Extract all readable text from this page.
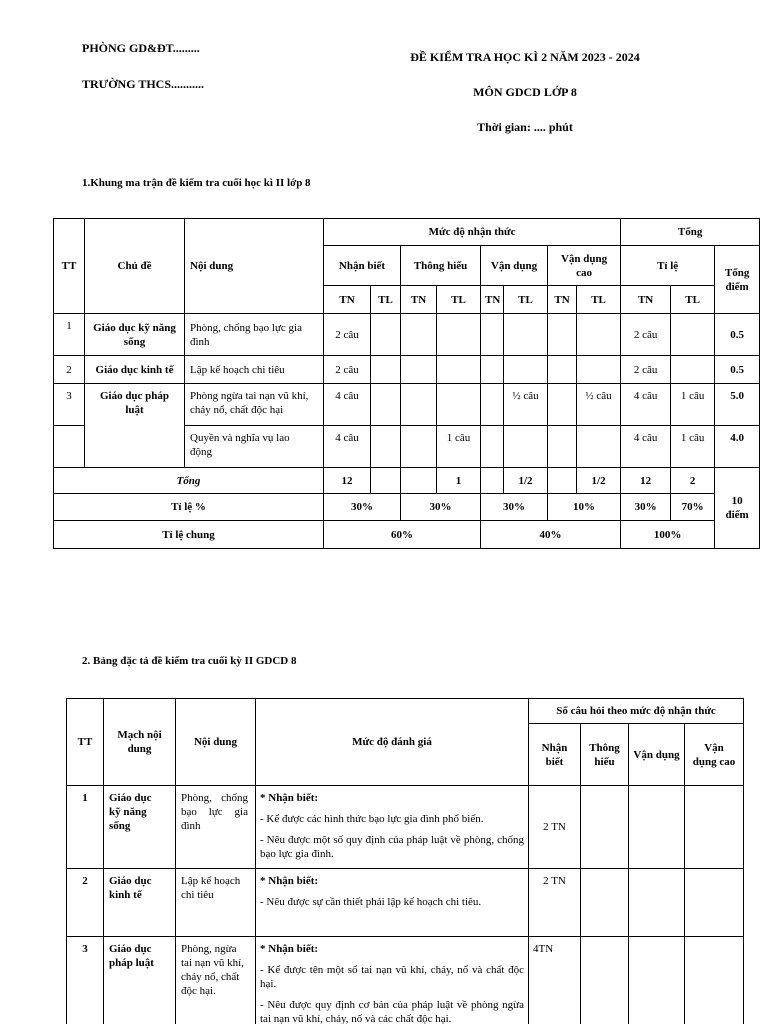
PHÒNG GD&ĐT.........
TRƯỜNG THCS...........
ĐỀ KIỂM TRA HỌC KÌ 2 NĂM 2023 - 2024
MÔN GDCD LỚP 8
Thời gian: .... phút
1.Khung ma trận đề kiểm tra cuối học kì II lớp 8
TT	Chủ đề	Nội dung	Mức độ nhận thức								Tổng		
			Nhận biết		Thông hiểu		Vận dụng		Vận dụng cao		Tỉ lệ		Tổng điểm
			TN	TL	TN	TL	TN	TL	TN	TL	TN	TL	
1	Giáo dục kỹ năng sống	Phòng, chống bạo lực gia đình	2 câu								2 câu		0.5
2	Giáo dục kinh tế	Lập kế hoạch chi tiêu	2 câu								2 câu		0.5
3	Giáo dục pháp luật	Phòng ngừa tai nạn vũ khí, cháy nổ, chất độc hại	4 câu					½ câu		½ câu	4 câu	1 câu	5.0
		Quyền và nghĩa vụ lao động	4 câu			1 câu					4 câu	1 câu	4.0
Tổng			12			1		1/2		1/2	12	2	10 điểm
Tỉ lệ %			30%		30%		30%		10%		30%	70%	
Tỉ lệ chung			60%				40%				100%		
2. Bảng đặc tả đề kiểm tra cuối kỳ II GDCD 8
TT	Mạch nội dung	Nội dung	Mức độ đánh giá	Số câu hỏi theo mức độ nhận thức			
				Nhận biết	Thông hiểu	Vận dụng	Vận dụng cao
1	Giáo dục kỹ năng sống	Phòng, chống bạo lực gia đình	* Nhận biết:

- Kể được các hình thức bạo lực gia đình phổ biến.

- Nêu được một số quy định của pháp luật về phòng, chống bạo lực gia đình.	2 TN			
2	Giáo dục kinh tế	Lập kế hoạch chi tiêu	* Nhận biết:

- Nêu được sự cần thiết phải lập kế hoạch chi tiêu.	2 TN			
3	Giáo dục pháp luật	Phòng, ngừa tai nạn vũ khí, cháy nổ, chất độc hại.	* Nhận biết:

- Kể được tên một số tai nạn vũ khí, cháy, nổ và chất độc hại.

- Nêu được quy định cơ bản của pháp luật về phòng ngừa tai nạn vũ khí, cháy, nổ và các chất độc hại.	4TN			
